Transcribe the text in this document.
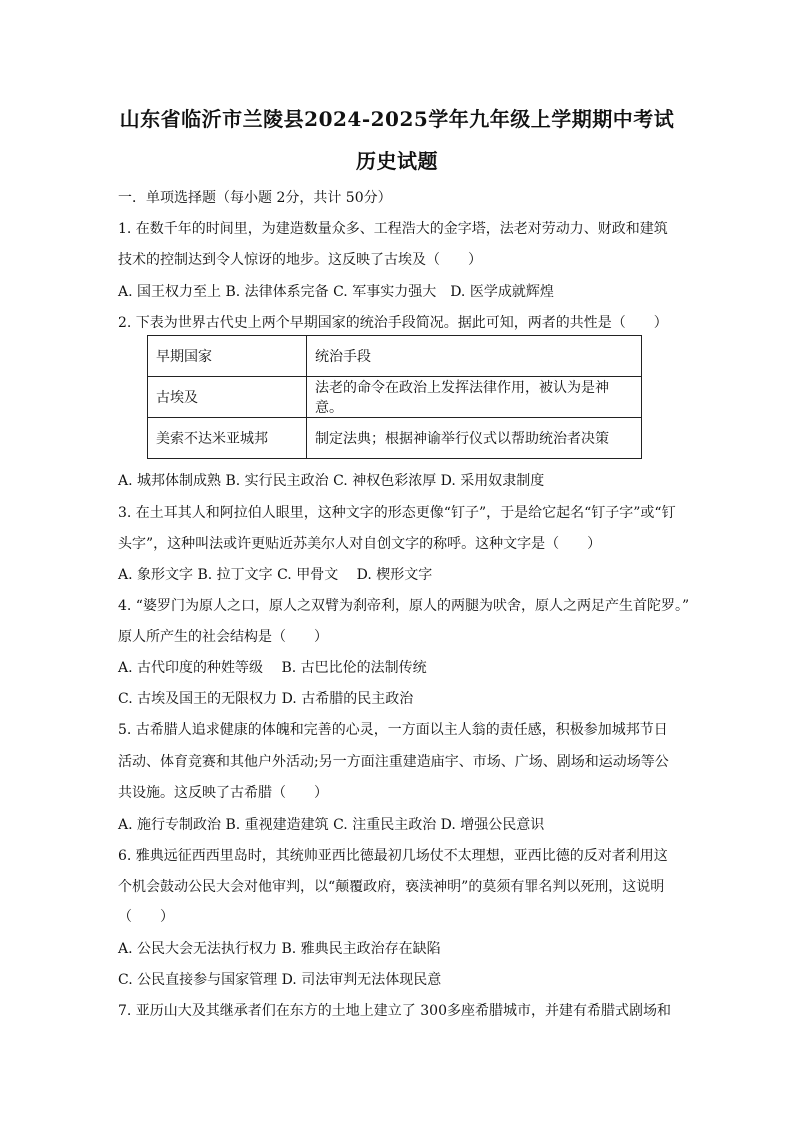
山东省临沂市兰陵县2024-2025学年九年级上学期期中考试
历史试题
一．单项选择题（每小题 2分，共计 50分）
1. 在数千年的时间里，为建造数量众多、工程浩大的金字塔，法老对劳动力、财政和建筑
技术的控制达到令人惊讶的地步。这反映了古埃及（　　）
A. 国王权力至上 B. 法律体系完备 C. 军事实力强大　D. 医学成就辉煌
2. 下表为世界古代史上两个早期国家的统治手段简况。据此可知，两者的共性是（　　）
早期国家	统治手段
古埃及	法老的命令在政治上发挥法律作用，被认为是神意。
美索不达米亚城邦	制定法典；根据神谕举行仪式以帮助统治者决策
A. 城邦体制成熟 B. 实行民主政治 C. 神权色彩浓厚 D. 采用奴隶制度
3. 在土耳其人和阿拉伯人眼里，这种文字的形态更像“钉子”，于是给它起名“钉子字”或“钉
头字”，这种叫法或许更贴近苏美尔人对自创文字的称呼。这种文字是（　　）
A. 象形文字 B. 拉丁文字 C. 甲骨文　 D. 楔形文字
4. “婆罗门为原人之口，原人之双臂为刹帝利，原人的两腿为吠舍，原人之两足产生首陀罗。”
原人所产生的社会结构是（　　）
A. 古代印度的种姓等级　 B. 古巴比伦的法制传统
C. 古埃及国王的无限权力 D. 古希腊的民主政治
5. 古希腊人追求健康的体魄和完善的心灵，一方面以主人翁的责任感，积极参加城邦节日
活动、体育竞赛和其他户外活动;另一方面注重建造庙宇、市场、广场、剧场和运动场等公
共设施。这反映了古希腊（　　）
A. 施行专制政治 B. 重视建造建筑 C. 注重民主政治 D. 增强公民意识
6. 雅典远征西西里岛时，其统帅亚西比德最初几场仗不太理想，亚西比德的反对者利用这
个机会鼓动公民大会对他审判，以“颠覆政府，亵渎神明”的莫须有罪名判以死刑，这说明
（　　）
A. 公民大会无法执行权力 B. 雅典民主政治存在缺陷
C. 公民直接参与国家管理 D. 司法审判无法体现民意
7. 亚历山大及其继承者们在东方的土地上建立了 300多座希腊城市，并建有希腊式剧场和
